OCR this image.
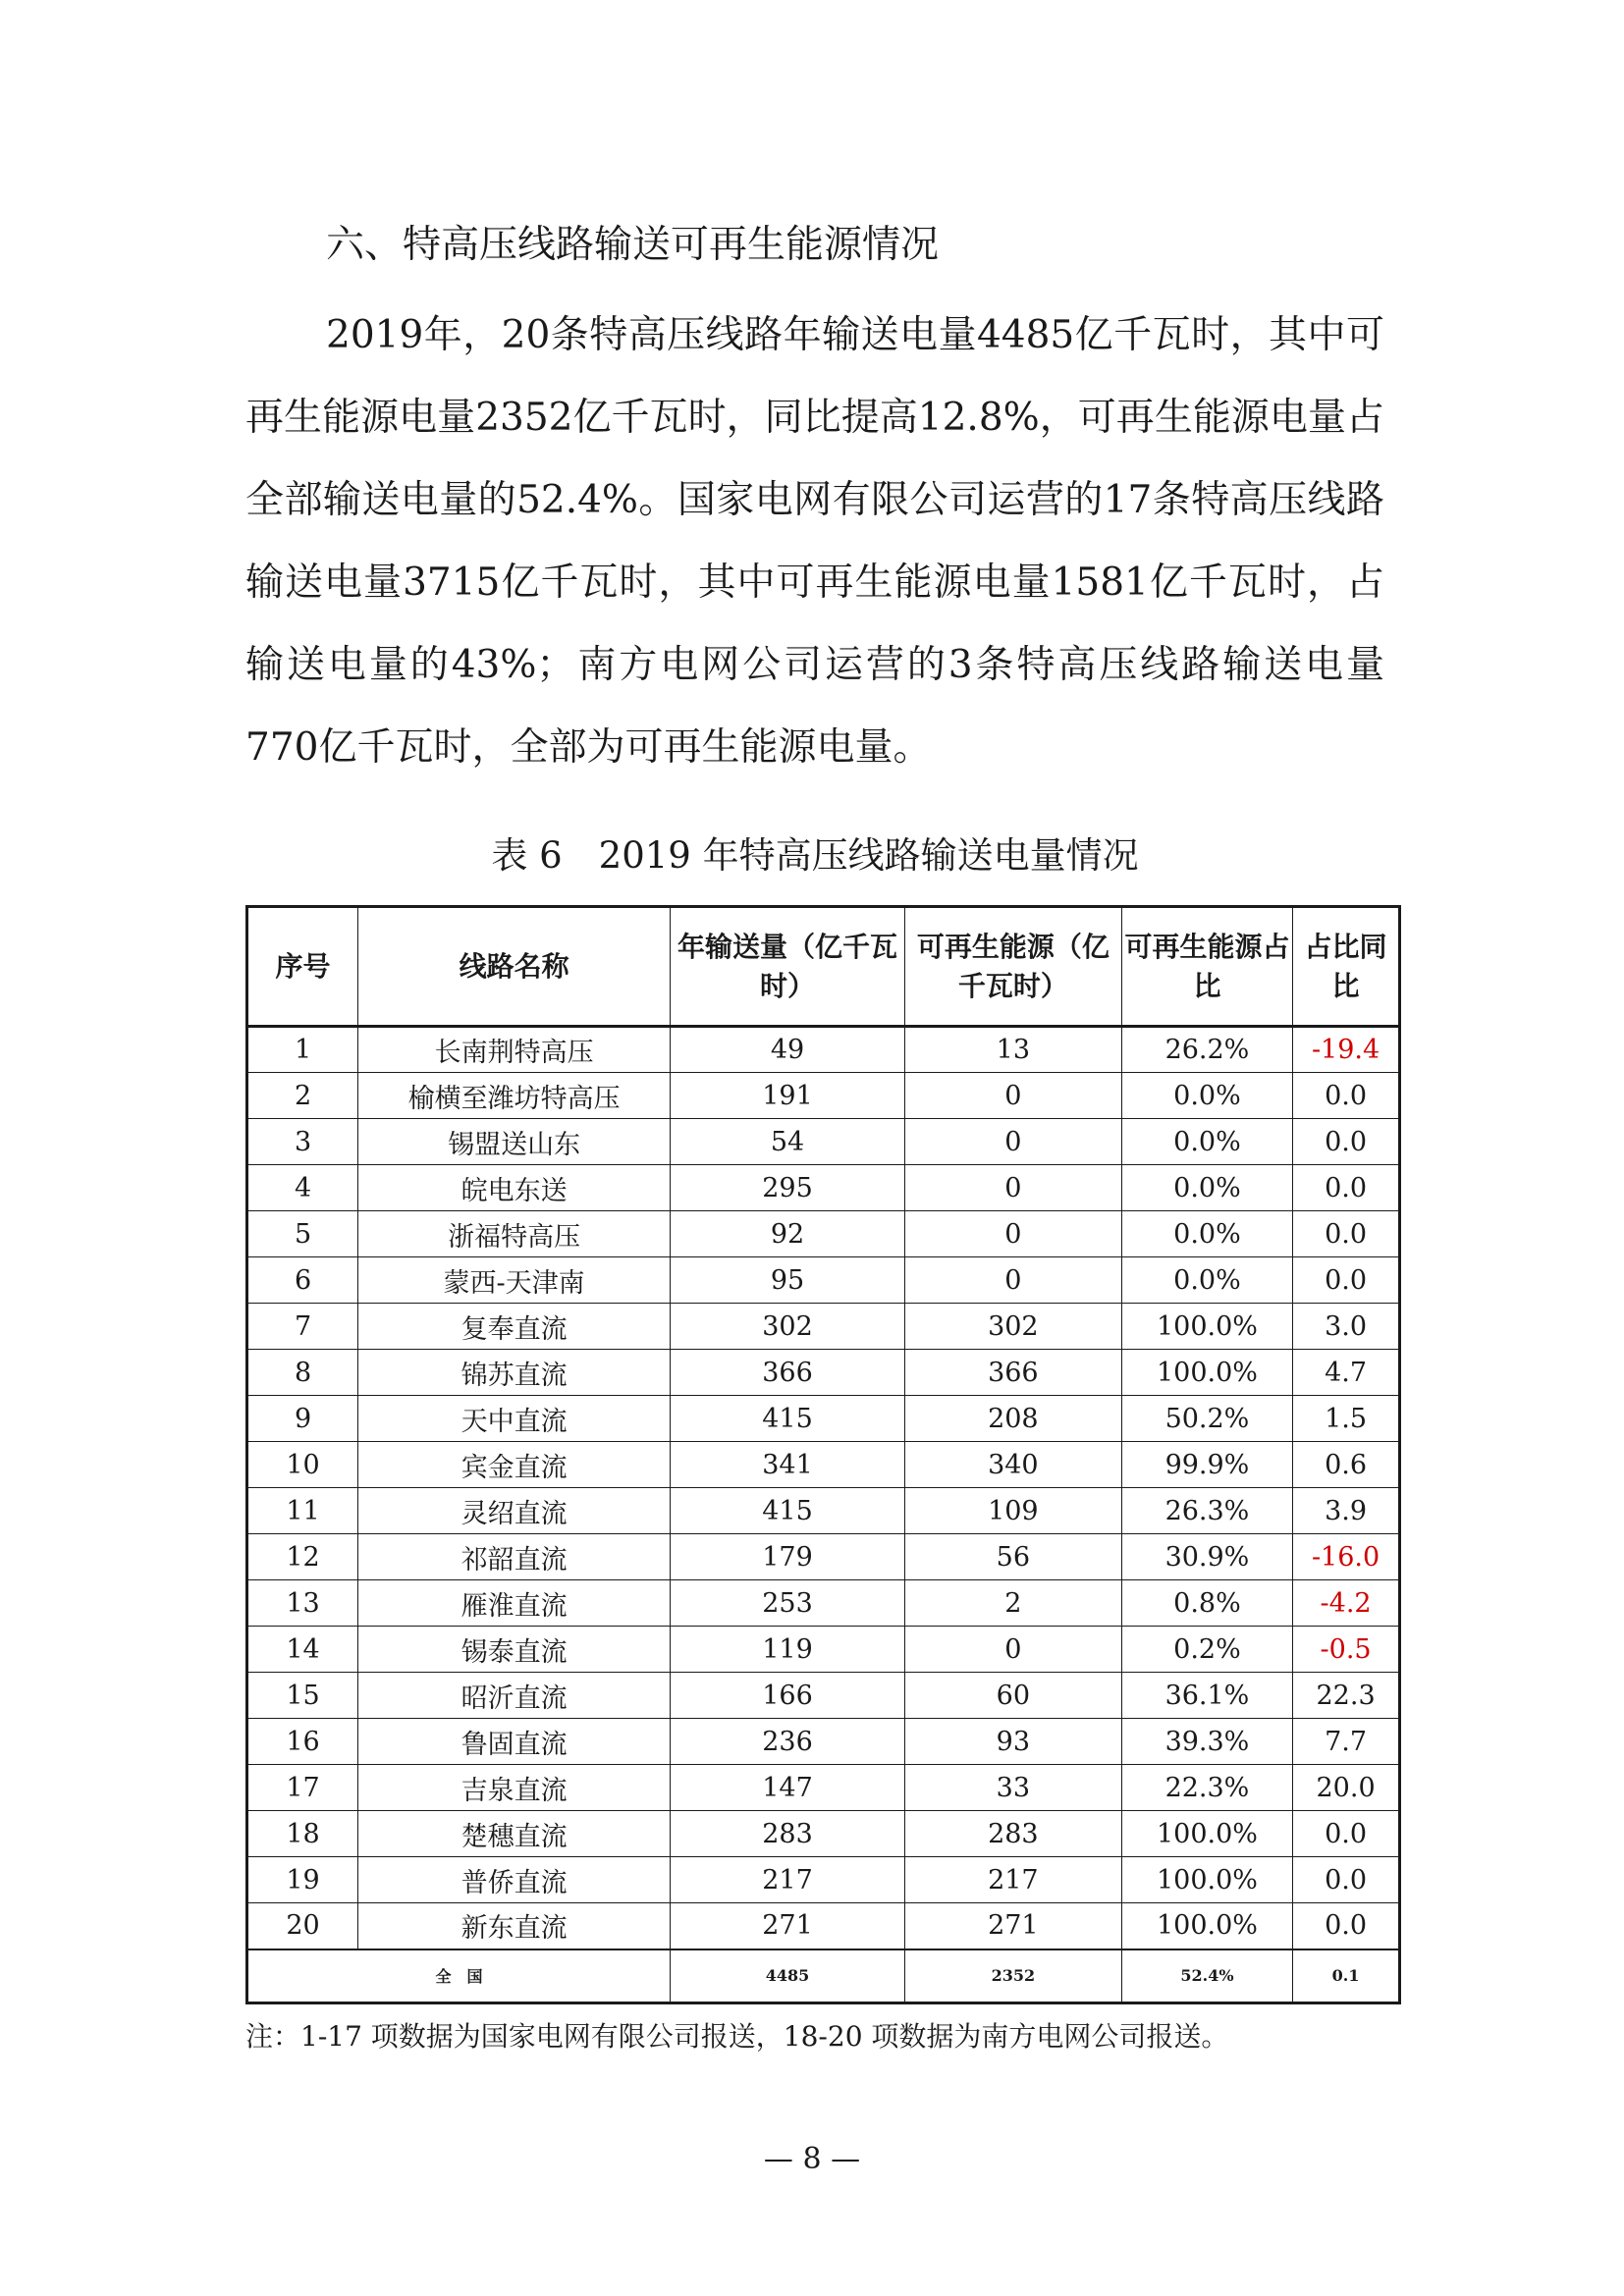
六、特高压线路输送可再生能源情况

2019年，20条特高压线路年输送电量4485亿千瓦时，其中可再生能源电量2352亿千瓦时，同比提高12.8%，可再生能源电量占全部输送电量的52.4%。国家电网有限公司运营的17条特高压线路输送电量3715亿千瓦时，其中可再生能源电量1581亿千瓦时，占输送电量的43%；南方电网公司运营的3条特高压线路输送电量770亿千瓦时，全部为可再生能源电量。

表 6　2019 年特高压线路输送电量情况
序号	线路名称	年输送量（亿千瓦时）	可再生能源（亿千瓦时）	可再生能源占比	占比同比
1	长南荆特高压	49	13	26.2%	-19.4
2	榆横至潍坊特高压	191	0	0.0%	0.0
3	锡盟送山东	54	0	0.0%	0.0
4	皖电东送	295	0	0.0%	0.0
5	浙福特高压	92	0	0.0%	0.0
6	蒙西-天津南	95	0	0.0%	0.0
7	复奉直流	302	302	100.0%	3.0
8	锦苏直流	366	366	100.0%	4.7
9	天中直流	415	208	50.2%	1.5
10	宾金直流	341	340	99.9%	0.6
11	灵绍直流	415	109	26.3%	3.9
12	祁韶直流	179	56	30.9%	-16.0
13	雁淮直流	253	2	0.8%	-4.2
14	锡泰直流	119	0	0.2%	-0.5
15	昭沂直流	166	60	36.1%	22.3
16	鲁固直流	236	93	39.3%	7.7
17	吉泉直流	147	33	22.3%	20.0
18	楚穗直流	283	283	100.0%	0.0
19	普侨直流	217	217	100.0%	0.0
20	新东直流	271	271	100.0%	0.0
全　国		4485	2352	52.4%	0.1
注：1-17 项数据为国家电网有限公司报送，18-20 项数据为南方电网公司报送。
— 8 —
